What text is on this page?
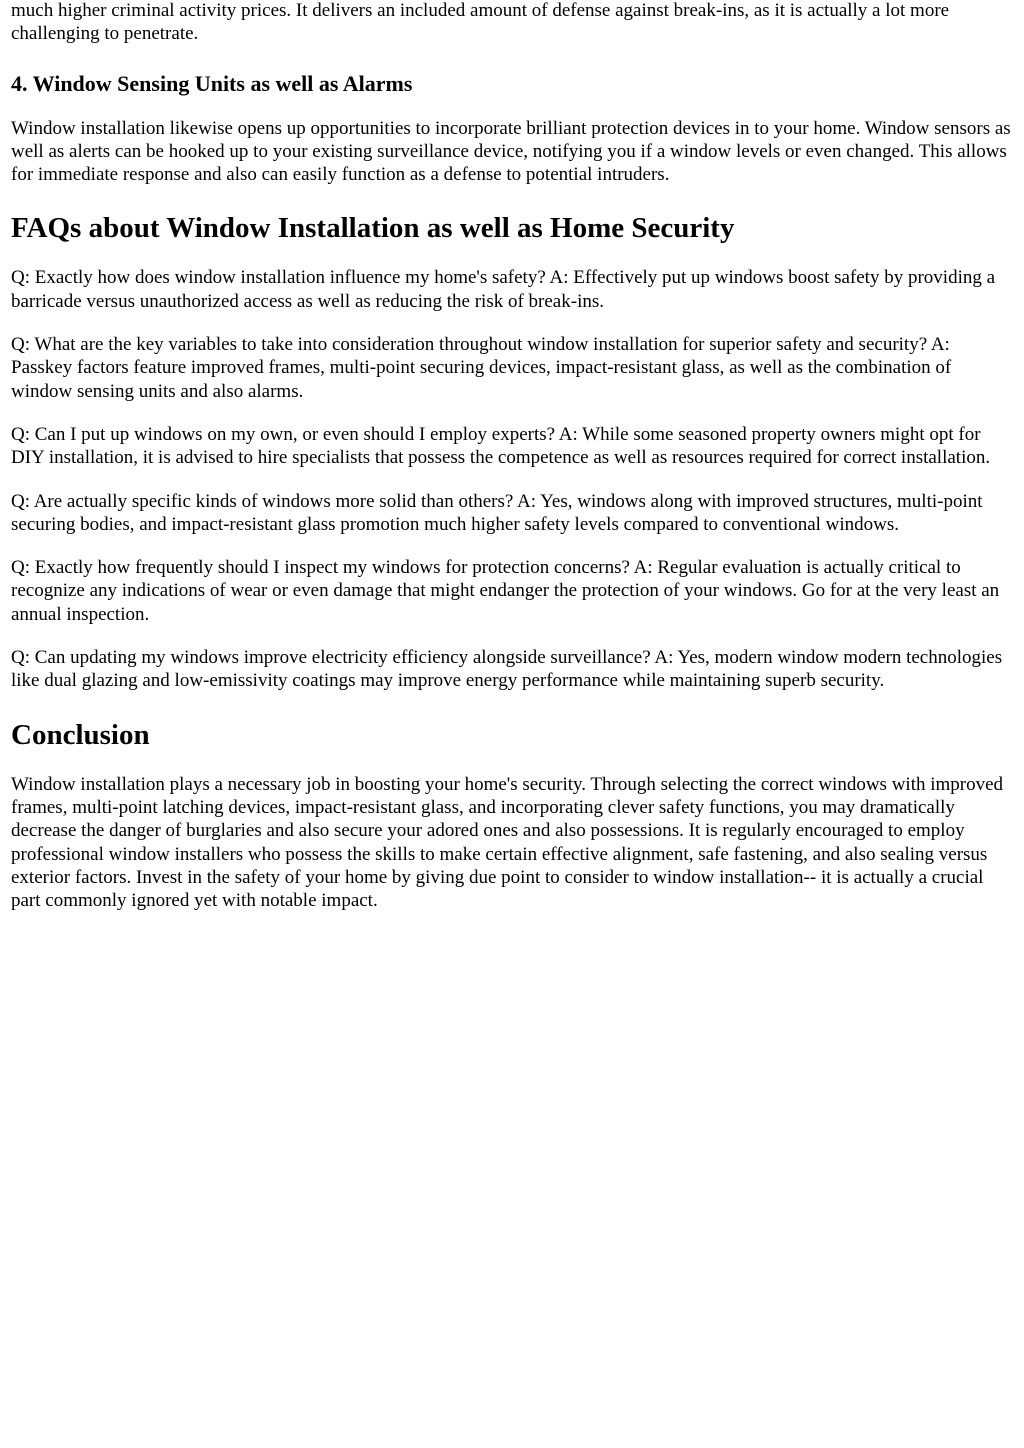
much higher criminal activity prices. It delivers an included amount of defense against break-ins, as it is actually a lot more challenging to penetrate.

4. Window Sensing Units as well as Alarms

Window installation likewise opens up opportunities to incorporate brilliant protection devices in to your home. Window sensors as well as alerts can be hooked up to your existing surveillance device, notifying you if a window levels or even changed. This allows for immediate response and also can easily function as a defense to potential intruders.

FAQs about Window Installation as well as Home Security

Q: Exactly how does window installation influence my home's safety? A: Effectively put up windows boost safety by providing a barricade versus unauthorized access as well as reducing the risk of break-ins.

Q: What are the key variables to take into consideration throughout window installation for superior safety and security? A: Passkey factors feature improved frames, multi-point securing devices, impact-resistant glass, as well as the combination of window sensing units and also alarms.

Q: Can I put up windows on my own, or even should I employ experts? A: While some seasoned property owners might opt for DIY installation, it is advised to hire specialists that possess the competence as well as resources required for correct installation.

Q: Are actually specific kinds of windows more solid than others? A: Yes, windows along with improved structures, multi-point securing bodies, and impact-resistant glass promotion much higher safety levels compared to conventional windows.

Q: Exactly how frequently should I inspect my windows for protection concerns? A: Regular evaluation is actually critical to recognize any indications of wear or even damage that might endanger the protection of your windows. Go for at the very least an annual inspection.

Q: Can updating my windows improve electricity efficiency alongside surveillance? A: Yes, modern window modern technologies like dual glazing and low-emissivity coatings may improve energy performance while maintaining superb security.

Conclusion

Window installation plays a necessary job in boosting your home's security. Through selecting the correct windows with improved frames, multi-point latching devices, impact-resistant glass, and incorporating clever safety functions, you may dramatically decrease the danger of burglaries and also secure your adored ones and also possessions. It is regularly encouraged to employ professional window installers who possess the skills to make certain effective alignment, safe fastening, and also sealing versus exterior factors. Invest in the safety of your home by giving due point to consider to window installation-- it is actually a crucial part commonly ignored yet with notable impact.
